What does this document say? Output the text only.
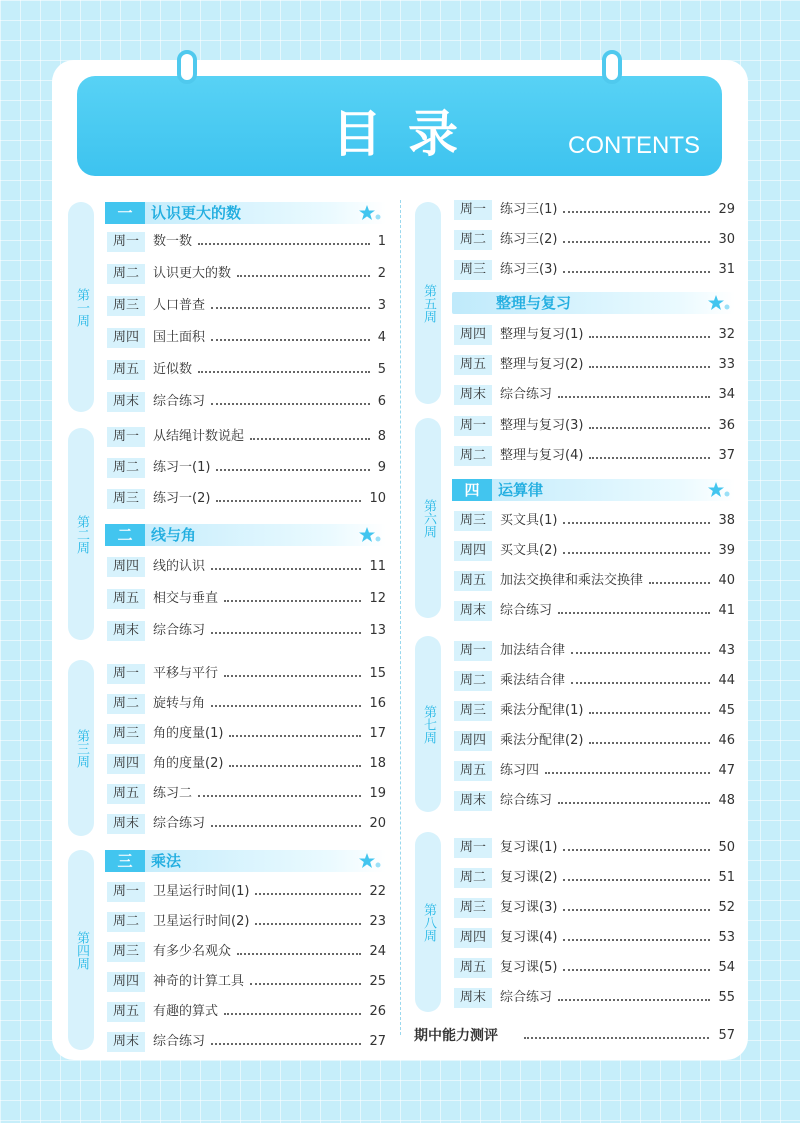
目录	CONTENTS
第一周
第二周
第三周
第四周
第五周
第六周
第七周
第八周
一	认识更大的数
二	线与角
三	乘法
整理与复习
四	运算律
周一	数一数	1
周二	认识更大的数	2
周三	人口普查	3
周四	国土面积	4
周五	近似数	5
周末	综合练习	6
周一	从结绳计数说起	8
周二	练习一(1)	9
周三	练习一(2)	10
周四	线的认识	11
周五	相交与垂直	12
周末	综合练习	13
周一	平移与平行	15
周二	旋转与角	16
周三	角的度量(1)	17
周四	角的度量(2)	18
周五	练习二	19
周末	综合练习	20
周一	卫星运行时间(1)	22
周二	卫星运行时间(2)	23
周三	有多少名观众	24
周四	神奇的计算工具	25
周五	有趣的算式	26
周末	综合练习	27
周一	练习三(1)	29
周二	练习三(2)	30
周三	练习三(3)	31
周四	整理与复习(1)	32
周五	整理与复习(2)	33
周末	综合练习	34
周一	整理与复习(3)	36
周二	整理与复习(4)	37
周三	买文具(1)	38
周四	买文具(2)	39
周五	加法交换律和乘法交换律	40
周末	综合练习	41
周一	加法结合律	43
周二	乘法结合律	44
周三	乘法分配律(1)	45
周四	乘法分配律(2)	46
周五	练习四	47
周末	综合练习	48
周一	复习课(1)	50
周二	复习课(2)	51
周三	复习课(3)	52
周四	复习课(4)	53
周五	复习课(5)	54
周末	综合练习	55
期中能力测评	57
